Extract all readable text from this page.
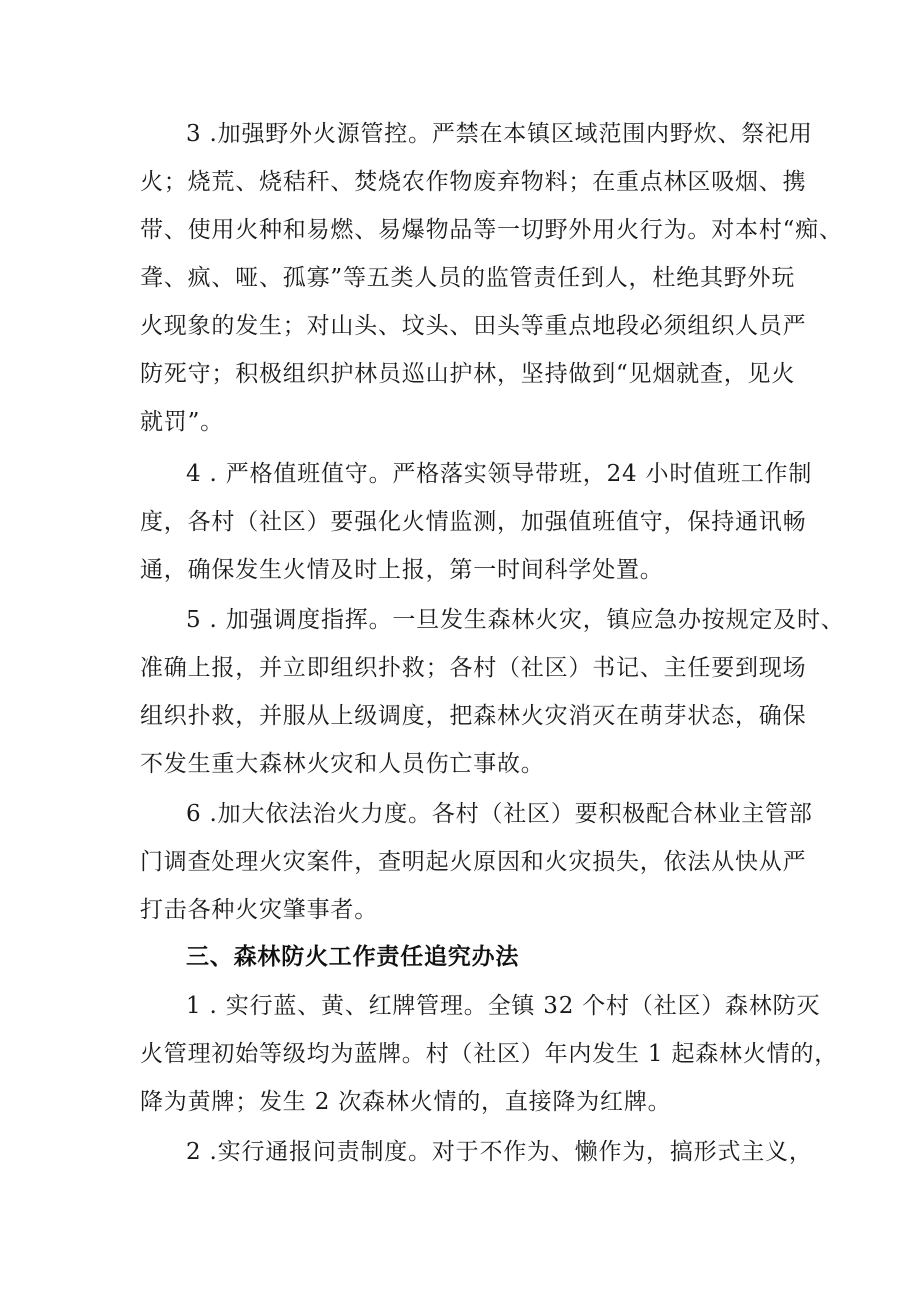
3 .加强野外火源管控。严禁在本镇区域范围内野炊、祭祀用
火；烧荒、烧秸秆、焚烧农作物废弃物料；在重点林区吸烟、携
带、使用火种和易燃、易爆物品等一切野外用火行为。对本村“痴、
聋、疯、哑、孤寡”等五类人员的监管责任到人，杜绝其野外玩
火现象的发生；对山头、坟头、田头等重点地段必须组织人员严
防死守；积极组织护林员巡山护林，坚持做到“见烟就查，见火
就罚”。
4 . 严格值班值守。严格落实领导带班，24 小时值班工作制
度，各村（社区）要强化火情监测，加强值班值守，保持通讯畅
通，确保发生火情及时上报，第一时间科学处置。
5 . 加强调度指挥。一旦发生森林火灾，镇应急办按规定及时、
准确上报，并立即组织扑救；各村（社区）书记、主任要到现场
组织扑救，并服从上级调度，把森林火灾消灭在萌芽状态，确保
不发生重大森林火灾和人员伤亡事故。
6 .加大依法治火力度。各村（社区）要积极配合林业主管部
门调查处理火灾案件，查明起火原因和火灾损失，依法从快从严
打击各种火灾肇事者。
三、森林防火工作责任追究办法
1 . 实行蓝、黄、红牌管理。全镇 32 个村（社区）森林防灭
火管理初始等级均为蓝牌。村（社区）年内发生 1 起森林火情的，
降为黄牌；发生 2 次森林火情的，直接降为红牌。
2 .实行通报问责制度。对于不作为、懒作为，搞形式主义，
